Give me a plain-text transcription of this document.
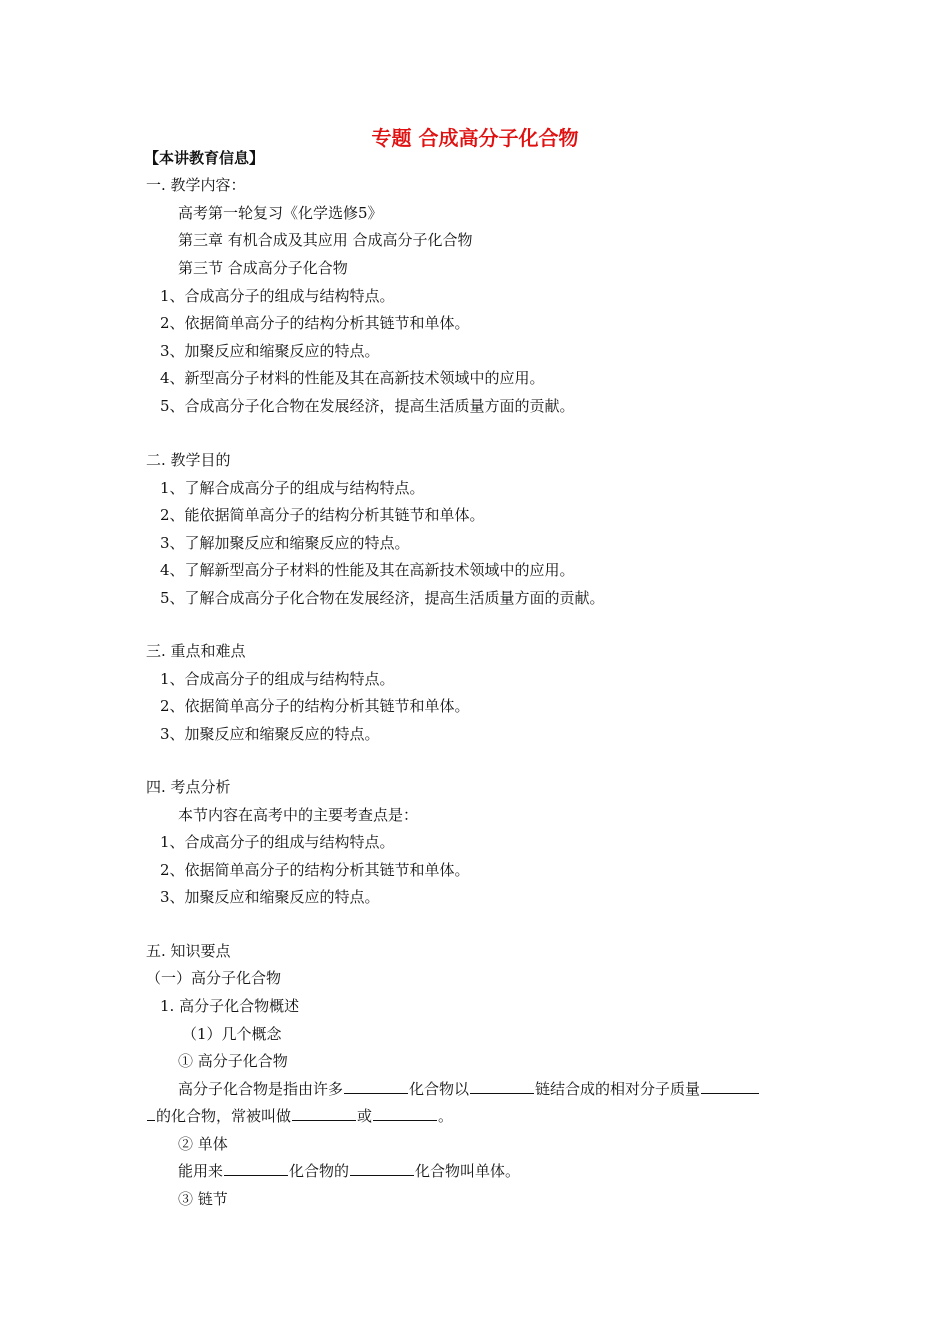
专题 合成高分子化合物
【本讲教育信息】
一. 教学内容：
高考第一轮复习《化学选修5》
第三章 有机合成及其应用 合成高分子化合物
第三节 合成高分子化合物
1、合成高分子的组成与结构特点。
2、依据简单高分子的结构分析其链节和单体。
3、加聚反应和缩聚反应的特点。
4、新型高分子材料的性能及其在高新技术领域中的应用。
5、合成高分子化合物在发展经济，提高生活质量方面的贡献。
二. 教学目的
1、了解合成高分子的组成与结构特点。
2、能依据简单高分子的结构分析其链节和单体。
3、了解加聚反应和缩聚反应的特点。
4、了解新型高分子材料的性能及其在高新技术领域中的应用。
5、了解合成高分子化合物在发展经济，提高生活质量方面的贡献。
三. 重点和难点
1、合成高分子的组成与结构特点。
2、依据简单高分子的结构分析其链节和单体。
3、加聚反应和缩聚反应的特点。
四. 考点分析
本节内容在高考中的主要考查点是：
1、合成高分子的组成与结构特点。
2、依据简单高分子的结构分析其链节和单体。
3、加聚反应和缩聚反应的特点。
五. 知识要点
（一）高分子化合物
1. 高分子化合物概述
（1）几个概念
① 高分子化合物
高分子化合物是指由许多	化合物以	链结合成的相对分子质量
的化合物，常被叫做	或	。
② 单体
能用来	化合物的	化合物叫单体。
③ 链节
